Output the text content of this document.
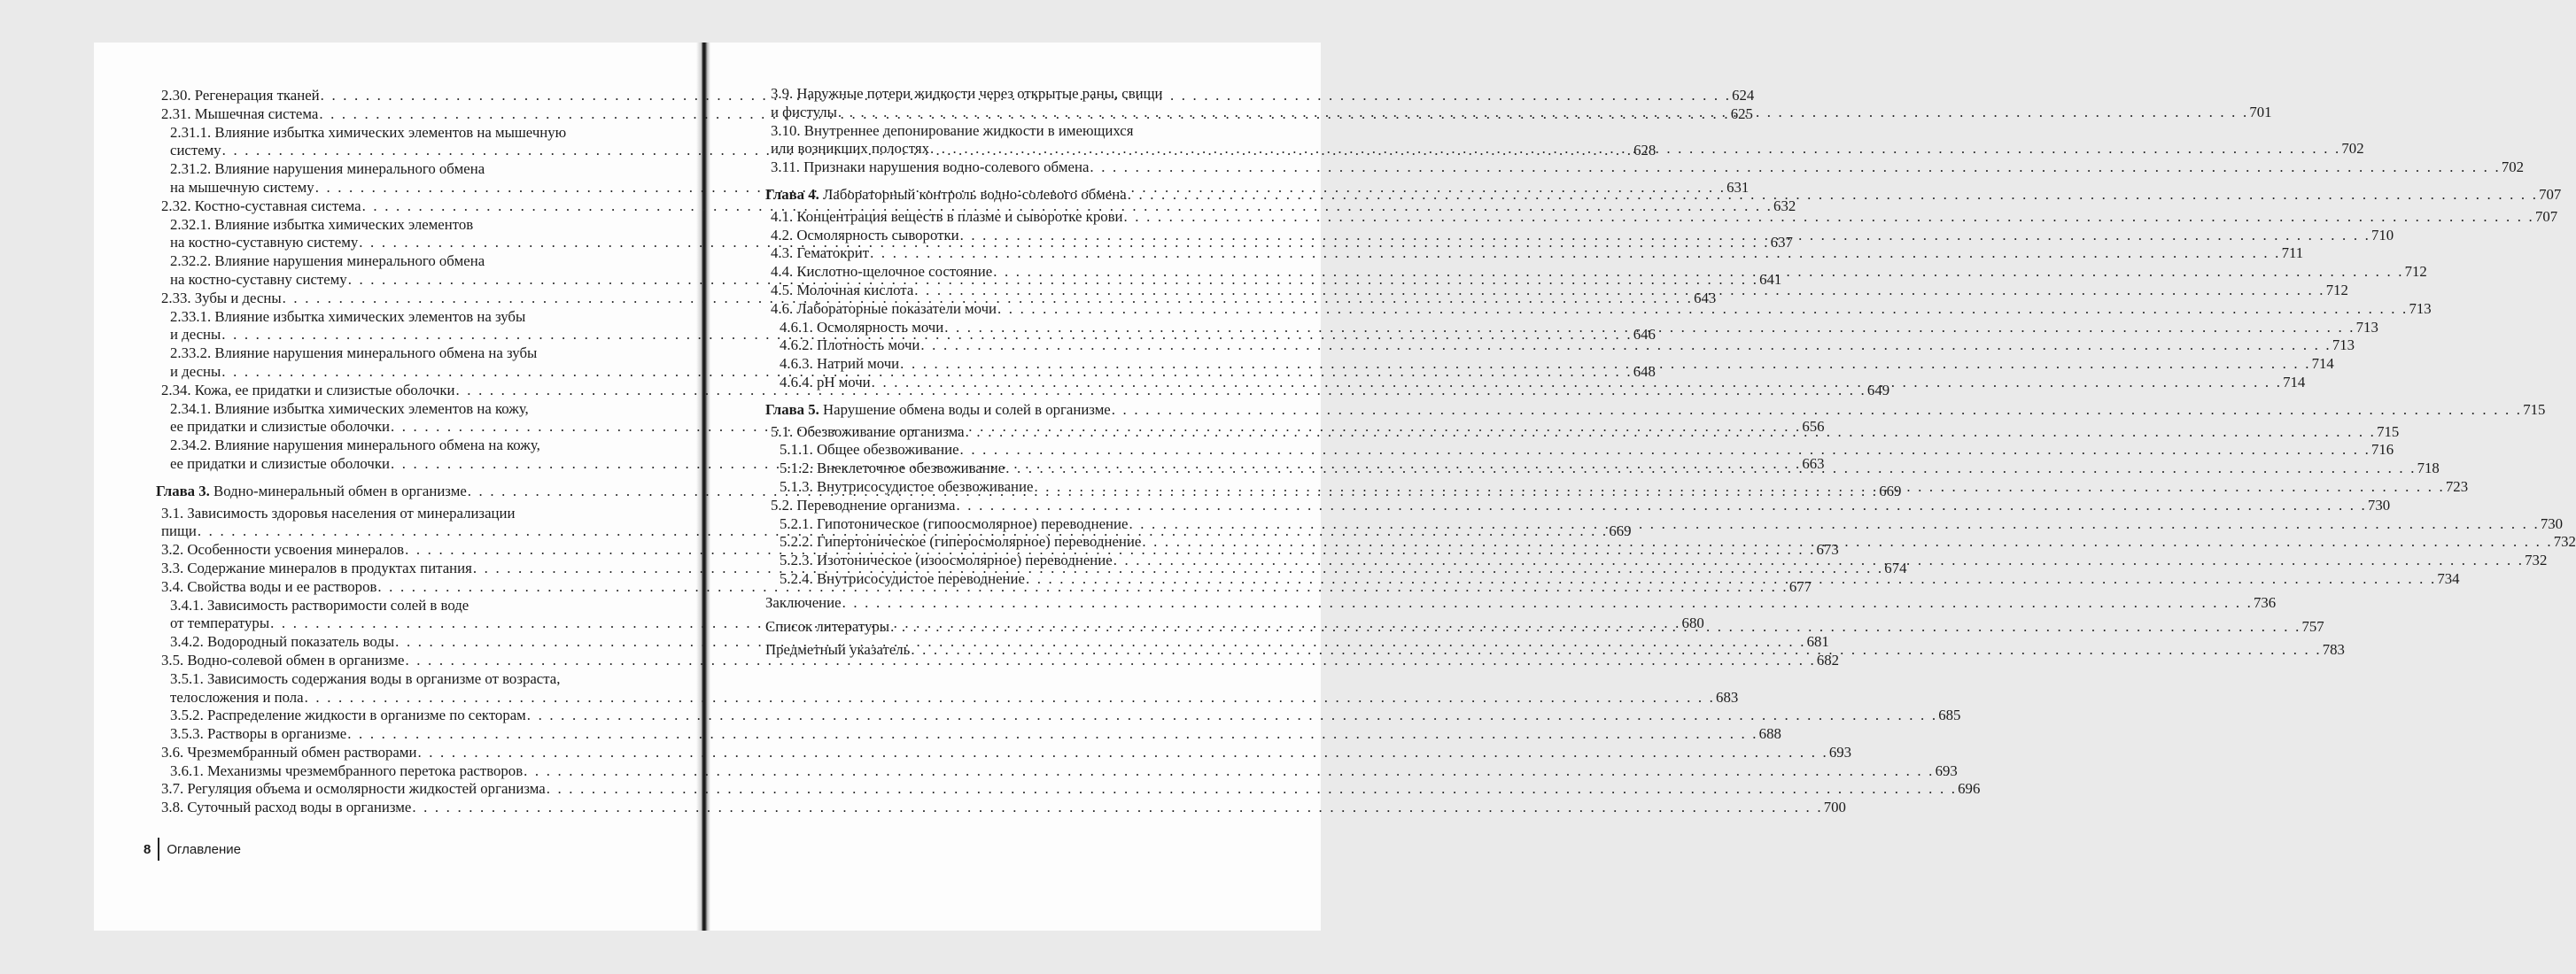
2.30. Регенерация тканей . . .	624
2.31. Мышечная система . . .	625
2.31.1. Влияние избытка химических элементов на мышечную
систему . . .	628
2.31.2. Влияние нарушения минерального обмена
на мышечную систему . . .	631
2.32. Костно-суставная система . . .	632
2.32.1. Влияние избытка химических элементов
на костно-суставную систему . . .	637
2.32.2. Влияние нарушения минерального обмена
на костно-суставну систему . . .	641
2.33. Зубы и десны . . .	643
2.33.1. Влияние избытка химических элементов на зубы
и десны . . .	646
2.33.2. Влияние нарушения минерального обмена на зубы
и десны . . .	648
2.34. Кожа, ее придатки и слизистые оболочки . . .	649
2.34.1. Влияние избытка химических элементов на кожу,
ее придатки и слизистые оболочки . . .	656
2.34.2. Влияние нарушения минерального обмена на кожу,
ее придатки и слизистые оболочки . . .	663
Глава 3. Водно-минеральный обмен в организме . . .	669
3.1. Зависимость здоровья населения от минерализации
пищи . . .	669
3.2. Особенности усвоения минералов . . .	673
3.3. Содержание минералов в продуктах питания . . .	674
3.4. Свойства воды и ее растворов . . .	677
3.4.1. Зависимость растворимости солей в воде
от температуры . . .	680
3.4.2. Водородный показатель воды . . .	681
3.5. Водно-солевой обмен в организме . . .	682
3.5.1. Зависимость содержания воды в организме от возраста,
телосложения и пола . . .	683
3.5.2. Распределение жидкости в организме по секторам . . .	685
3.5.3. Растворы в организме . . .	688
3.6. Чрезмембранный обмен растворами . . .	693
3.6.1. Механизмы чрезмембранного перетока растворов . . .	693
3.7. Регуляция объема и осмолярности жидкостей организма . . .	696
3.8. Суточный расход воды в организме . . .	700
3.9. Наружные потери жидкости через открытые раны, свищи
и фистулы . . .	701
3.10. Внутреннее депонирование жидкости в имеющихся
или возникших полостях . . .	702
3.11. Признаки нарушения водно-солевого обмена . . .	702
Глава 4. Лабораторный контроль водно-солевого обмена . . .	707
4.1. Концентрация веществ в плазме и сыворотке крови . . .	707
4.2. Осмолярность сыворотки . . .	710
4.3. Гематокрит . . .	711
4.4. Кислотно-щелочное состояние . . .	712
4.5. Молочная кислота . . .	712
4.6. Лабораторные показатели мочи . . .	713
4.6.1. Осмолярность мочи . . .	713
4.6.2. Плотность мочи . . .	713
4.6.3. Натрий мочи . . .	714
4.6.4. pH мочи . . .	714
Глава 5. Нарушение обмена воды и солей в организме . . .	715
5.1. Обезвоживание организма . . .	715
5.1.1. Общее обезвоживание . . .	716
5.1.2. Внеклеточное обезвоживание . . .	718
5.1.3. Внутрисосудистое обезвоживание . . .	723
5.2. Переводнение организма . . .	730
5.2.1. Гипотоническое (гипоосмолярное) переводнение . . .	730
5.2.2. Гипертоническое (гиперосмолярное) переводнение . . .	732
5.2.3. Изотоническое (изоосмолярное) переводнение . . .	732
5.2.4. Внутрисосудистое переводнение . . .	734
Заключение . . .	736
Список литературы . . .	757
Предметный указатель . . .	783
8 Оглавление
